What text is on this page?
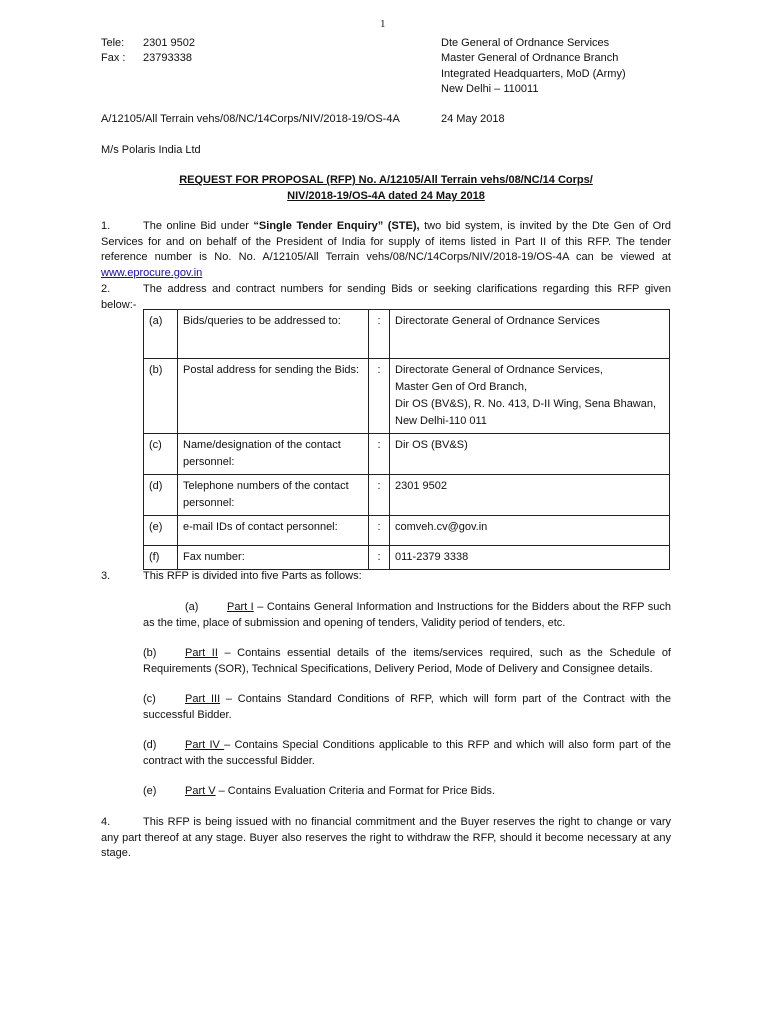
1
Tele: 2301 9502
Fax : 23793338
Dte General of Ordnance Services
Master General of Ordnance Branch
Integrated Headquarters, MoD (Army)
New Delhi – 110011
A/12105/All Terrain vehs/08/NC/14Corps/NIV/2018-19/OS-4A	24 May 2018
M/s Polaris India Ltd
REQUEST FOR PROPOSAL (RFP) No. A/12105/All Terrain vehs/08/NC/14 Corps/
NIV/2018-19/OS-4A dated 24 May 2018
1.	The online Bid under “Single Tender Enquiry” (STE), two bid system, is invited by the Dte Gen of Ord Services for and on behalf of the President of India for supply of items listed in Part II of this RFP. The tender reference number is No. No. A/12105/All Terrain vehs/08/NC/14Corps/NIV/2018-19/OS-4A can be viewed at www.eprocure.gov.in
2.	The address and contract numbers for sending Bids or seeking clarifications regarding this RFP given below:-
(a)	Bids/queries to be addressed to:	:	Directorate General of Ordnance Services
(b)	Postal address for sending the Bids:	:	Directorate General of Ordnance Services,
Master Gen of Ord Branch,
Dir OS (BV&S), R. No. 413, D-II Wing, Sena Bhawan,
New Delhi-110 011

(c)	Name/designation of the contact personnel:	:	Dir OS (BV&S)
(d)	Telephone numbers of the contact personnel:	:	2301 9502
(e)	e-mail IDs of contact personnel:	:	comveh.cv@gov.in
(f)	Fax number:	:	011-2379 3338
3.	This RFP is divided into five Parts as follows:
(a)	Part I – Contains General Information and Instructions for the Bidders about the RFP such as the time, place of submission and opening of tenders, Validity period of tenders, etc.
(b)	Part II – Contains essential details of the items/services required, such as the Schedule of Requirements (SOR), Technical Specifications, Delivery Period, Mode of Delivery and Consignee details.
(c)	Part III – Contains Standard Conditions of RFP, which will form part of the Contract with the successful Bidder.
(d)	Part IV – Contains Special Conditions applicable to this RFP and which will also form part of the contract with the successful Bidder.
(e)	Part V – Contains Evaluation Criteria and Format for Price Bids.
4.	This RFP is being issued with no financial commitment and the Buyer reserves the right to change or vary any part thereof at any stage. Buyer also reserves the right to withdraw the RFP, should it become necessary at any stage.
